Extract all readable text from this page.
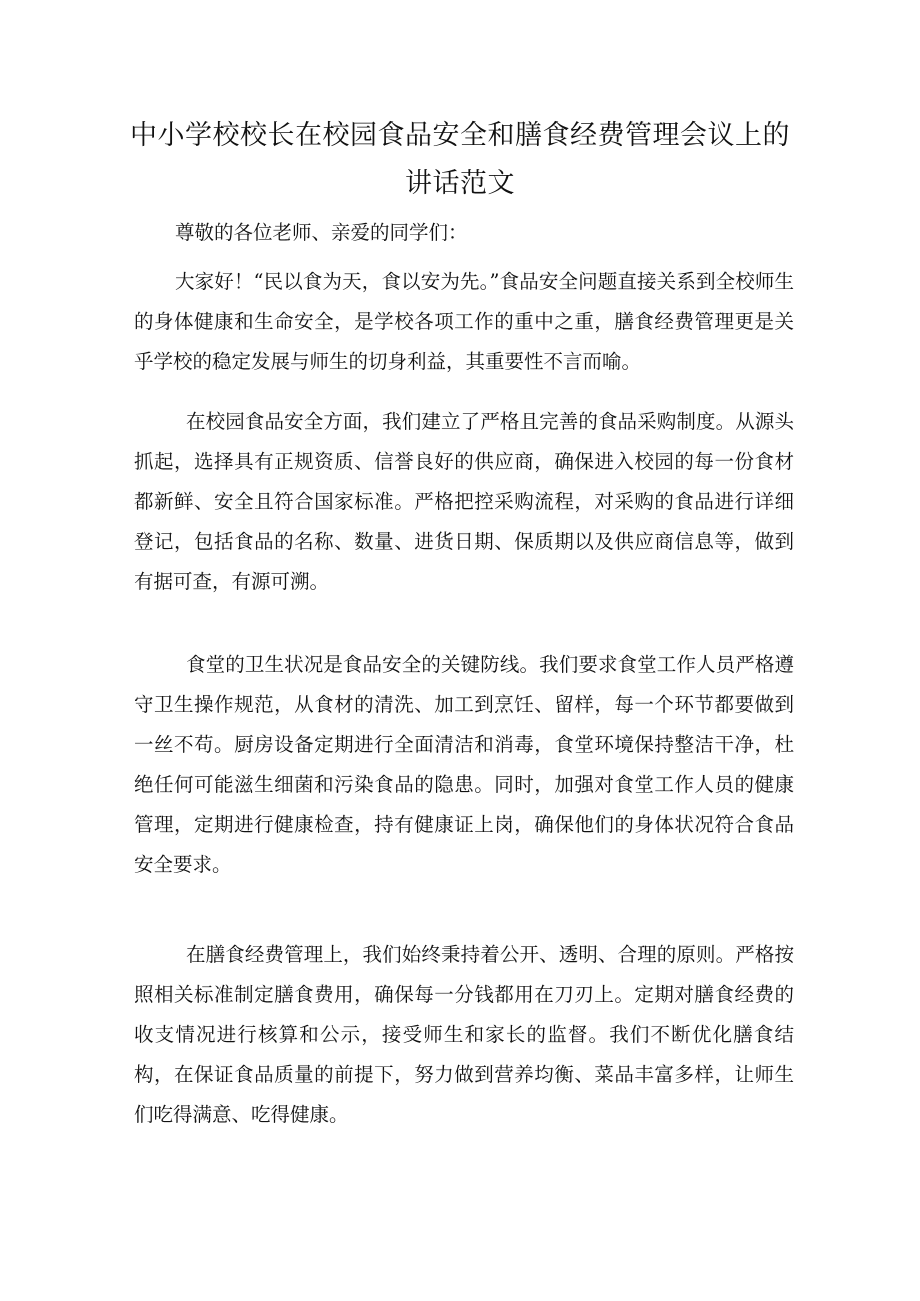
中小学校校长在校园食品安全和膳食经费管理会议上的讲话范文

尊敬的各位老师、亲爱的同学们：

大家好！“民以食为天，食以安为先。”食品安全问题直接关系到全校师生的身体健康和生命安全，是学校各项工作的重中之重，膳食经费管理更是关乎学校的稳定发展与师生的切身利益，其重要性不言而喻。

在校园食品安全方面，我们建立了严格且完善的食品采购制度。从源头抓起，选择具有正规资质、信誉良好的供应商，确保进入校园的每一份食材都新鲜、安全且符合国家标准。严格把控采购流程，对采购的食品进行详细登记，包括食品的名称、数量、进货日期、保质期以及供应商信息等，做到有据可查，有源可溯。

食堂的卫生状况是食品安全的关键防线。我们要求食堂工作人员严格遵守卫生操作规范，从食材的清洗、加工到烹饪、留样，每一个环节都要做到一丝不苟。厨房设备定期进行全面清洁和消毒，食堂环境保持整洁干净，杜绝任何可能滋生细菌和污染食品的隐患。同时，加强对食堂工作人员的健康管理，定期进行健康检查，持有健康证上岗，确保他们的身体状况符合食品安全要求。

在膳食经费管理上，我们始终秉持着公开、透明、合理的原则。严格按照相关标准制定膳食费用，确保每一分钱都用在刀刃上。定期对膳食经费的收支情况进行核算和公示，接受师生和家长的监督。我们不断优化膳食结构，在保证食品质量的前提下，努力做到营养均衡、菜品丰富多样，让师生们吃得满意、吃得健康。
